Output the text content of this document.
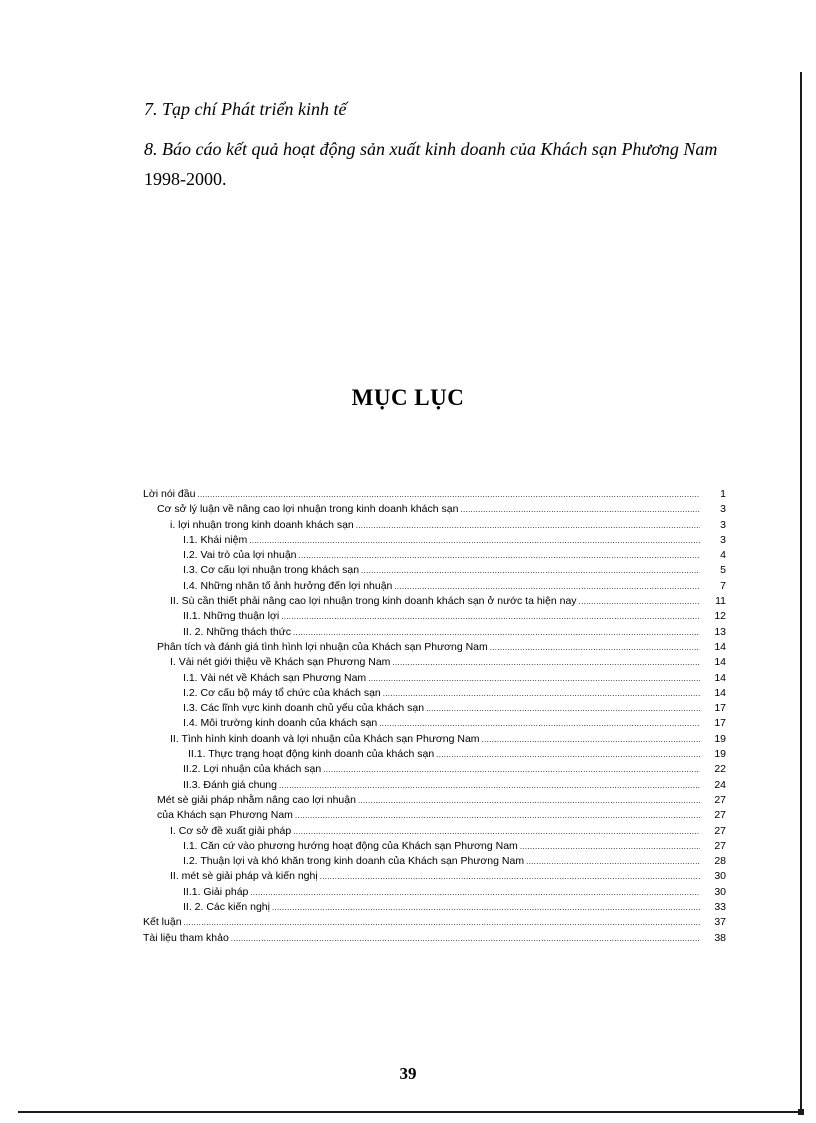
7. Tạp chí Phát triển kinh tế

8. Báo cáo kết quả hoạt động sản xuất kinh doanh của Khách sạn Phương Nam 1998-2000.

MỤC LỤC
Lời nói đầu .....	1
Cơ sở lý luận về nâng cao lợi nhuận trong kinh doanh khách sạn .....	3
i. lợi nhuận trong kinh doanh khách sạn .....	3
I.1. Khái niệm .....	3
I.2. Vai trò của lợi nhuận .....	4
I.3. Cơ cấu lợi nhuận trong khách sạn .....	5
I.4. Những nhân tố ảnh hưởng đến lợi nhuận .....	7
II. Sù cần thiết phải nâng cao lợi nhuận trong kinh doanh khách sạn ở nước ta hiện nay .....	11
II.1. Những thuận lợi .....	12
II. 2. Những thách thức .....	13
Phân tích và đánh giá tình hình lợi nhuận của Khách sạn Phương Nam .....	14
I. Vài nét giới thiệu về Khách sạn Phương Nam .....	14
I.1. Vài nét về Khách sạn Phương Nam .....	14
I.2. Cơ cấu bộ máy tổ chức của khách sạn .....	14
I.3. Các lĩnh vực kinh doanh chủ yếu của khách sạn .....	17
I.4. Môi trường kinh doanh của khách sạn .....	17
II. Tình hình kinh doanh và lợi nhuận của Khách sạn Phương Nam .....	19
II.1. Thực trạng hoạt động kinh doanh của khách sạn .....	19
II.2. Lợi nhuận của khách sạn .....	22
II.3. Đánh giá chung .....	24
Mét sè giải pháp nhằm nâng cao lợi nhuận .....	27
của Khách sạn Phương Nam .....	27
I. Cơ sở đề xuất giải pháp .....	27
I.1. Căn cứ vào phương hướng hoạt động của Khách sạn Phương Nam .....	27
I.2. Thuận lợi và khó khăn trong kinh doanh của Khách sạn Phương Nam .....	28
II. mét sè giải pháp và kiến nghị .....	30
II.1. Giải pháp .....	30
II. 2. Các kiến nghị .....	33
Kết luận .....	37
Tài liệu tham khảo .....	38

39
